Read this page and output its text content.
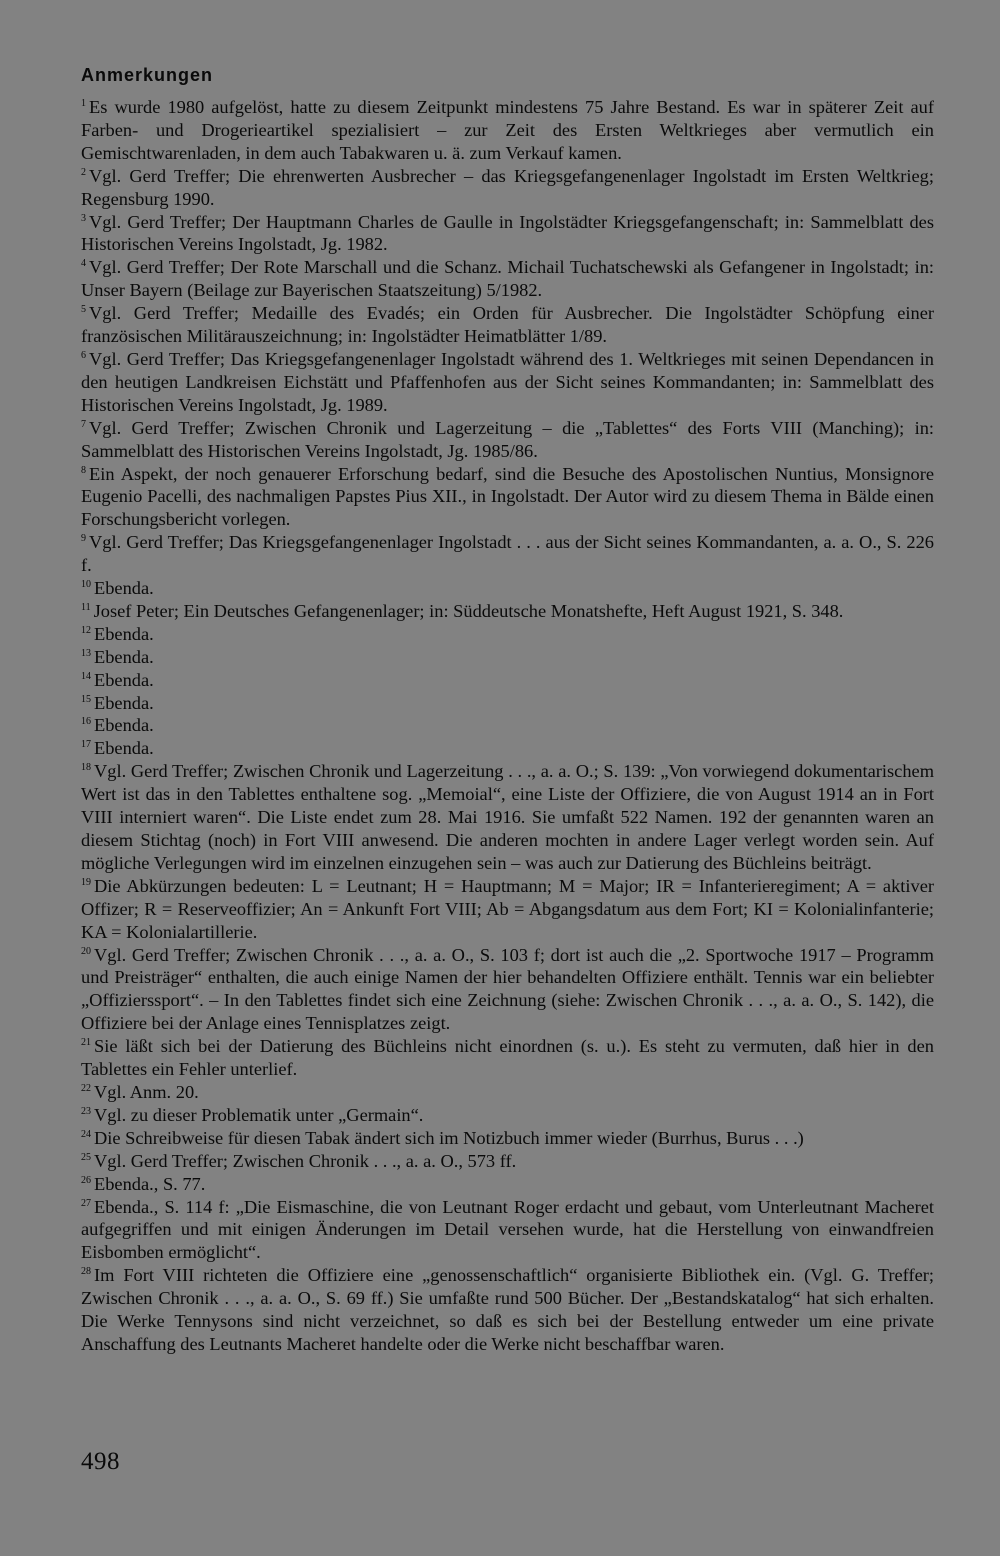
Anmerkungen
$^1$ Es wurde 1980 aufgelöst, hatte zu diesem Zeitpunkt mindestens 75 Jahre Bestand. Es war in späterer Zeit auf Farben- und Drogerieartikel spezialisiert – zur Zeit des Ersten Weltkrieges aber vermutlich ein Gemischtwarenladen, in dem auch Tabakwaren u. ä. zum Verkauf kamen.
$^2$ Vgl. Gerd Treffer; Die ehrenwerten Ausbrecher – das Kriegsgefangenenlager Ingolstadt im Ersten Weltkrieg; Regensburg 1990.
$^3$ Vgl. Gerd Treffer; Der Hauptmann Charles de Gaulle in Ingolstädter Kriegsgefangenschaft; in: Sammelblatt des Historischen Vereins Ingolstadt, Jg. 1982.
$^4$ Vgl. Gerd Treffer; Der Rote Marschall und die Schanz. Michail Tuchatschewski als Gefangener in Ingolstadt; in: Unser Bayern (Beilage zur Bayerischen Staatszeitung) 5/1982.
$^5$ Vgl. Gerd Treffer; Medaille des Evadés; ein Orden für Ausbrecher. Die Ingolstädter Schöpfung einer französischen Militärauszeichnung; in: Ingolstädter Heimatblätter 1/89.
$^6$ Vgl. Gerd Treffer; Das Kriegsgefangenenlager Ingolstadt während des 1. Weltkrieges mit seinen Dependancen in den heutigen Landkreisen Eichstätt und Pfaffenhofen aus der Sicht seines Kommandanten; in: Sammelblatt des Historischen Vereins Ingolstadt, Jg. 1989.
$^7$ Vgl. Gerd Treffer; Zwischen Chronik und Lagerzeitung – die „Tablettes“ des Forts VIII (Manching); in: Sammelblatt des Historischen Vereins Ingolstadt, Jg. 1985/86.
$^8$ Ein Aspekt, der noch genauerer Erforschung bedarf, sind die Besuche des Apostolischen Nuntius, Monsignore Eugenio Pacelli, des nachmaligen Papstes Pius XII., in Ingolstadt. Der Autor wird zu diesem Thema in Bälde einen Forschungsbericht vorlegen.
$^9$ Vgl. Gerd Treffer; Das Kriegsgefangenenlager Ingolstadt . . . aus der Sicht seines Kommandanten, a. a. O., S. 226 f.
$^{10}$ Ebenda.
$^{11}$ Josef Peter; Ein Deutsches Gefangenenlager; in: Süddeutsche Monatshefte, Heft August 1921, S. 348.
$^{12}$ Ebenda.
$^{13}$ Ebenda.
$^{14}$ Ebenda.
$^{15}$ Ebenda.
$^{16}$ Ebenda.
$^{17}$ Ebenda.
$^{18}$ Vgl. Gerd Treffer; Zwischen Chronik und Lagerzeitung . . ., a. a. O.; S. 139: „Von vorwiegend dokumentarischem Wert ist das in den Tablettes enthaltene sog. „Memoial“, eine Liste der Offiziere, die von August 1914 an in Fort VIII interniert waren“. Die Liste endet zum 28. Mai 1916. Sie umfaßt 522 Namen. 192 der genannten waren an diesem Stichtag (noch) in Fort VIII anwesend. Die anderen mochten in andere Lager verlegt worden sein. Auf mögliche Verlegungen wird im einzelnen einzugehen sein – was auch zur Datierung des Büchleins beiträgt.
$^{19}$ Die Abkürzungen bedeuten: L = Leutnant; H = Hauptmann; M = Major; IR = Infanterieregiment; A = aktiver Offizer; R = Reserveoffizier; An = Ankunft Fort VIII; Ab = Abgangsdatum aus dem Fort; KI = Kolonialinfanterie; KA = Kolonialartillerie.
$^{20}$ Vgl. Gerd Treffer; Zwischen Chronik . . ., a. a. O., S. 103 f; dort ist auch die „2. Sportwoche 1917 – Programm und Preisträger“ enthalten, die auch einige Namen der hier behandelten Offiziere enthält. Tennis war ein beliebter „Offizierssport“. – In den Tablettes findet sich eine Zeichnung (siehe: Zwischen Chronik . . ., a. a. O., S. 142), die Offiziere bei der Anlage eines Tennisplatzes zeigt.
$^{21}$ Sie läßt sich bei der Datierung des Büchleins nicht einordnen (s. u.). Es steht zu vermuten, daß hier in den Tablettes ein Fehler unterlief.
$^{22}$ Vgl. Anm. 20.
$^{23}$ Vgl. zu dieser Problematik unter „Germain“.
$^{24}$ Die Schreibweise für diesen Tabak ändert sich im Notizbuch immer wieder (Burrhus, Burus . . .)
$^{25}$ Vgl. Gerd Treffer; Zwischen Chronik . . ., a. a. O., 573 ff.
$^{26}$ Ebenda., S. 77.
$^{27}$ Ebenda., S. 114 f: „Die Eismaschine, die von Leutnant Roger erdacht und gebaut, vom Unterleutnant Macheret aufgegriffen und mit einigen Änderungen im Detail versehen wurde, hat die Herstellung von einwandfreien Eisbomben ermöglicht“.
$^{28}$ Im Fort VIII richteten die Offiziere eine „genossenschaftlich“ organisierte Bibliothek ein. (Vgl. G. Treffer; Zwischen Chronik . . ., a. a. O., S. 69 ff.) Sie umfaßte rund 500 Bücher. Der „Bestandskatalog“ hat sich erhalten. Die Werke Tennysons sind nicht verzeichnet, so daß es sich bei der Bestellung entweder um eine private Anschaffung des Leutnants Macheret handelte oder die Werke nicht beschaffbar waren.
498
